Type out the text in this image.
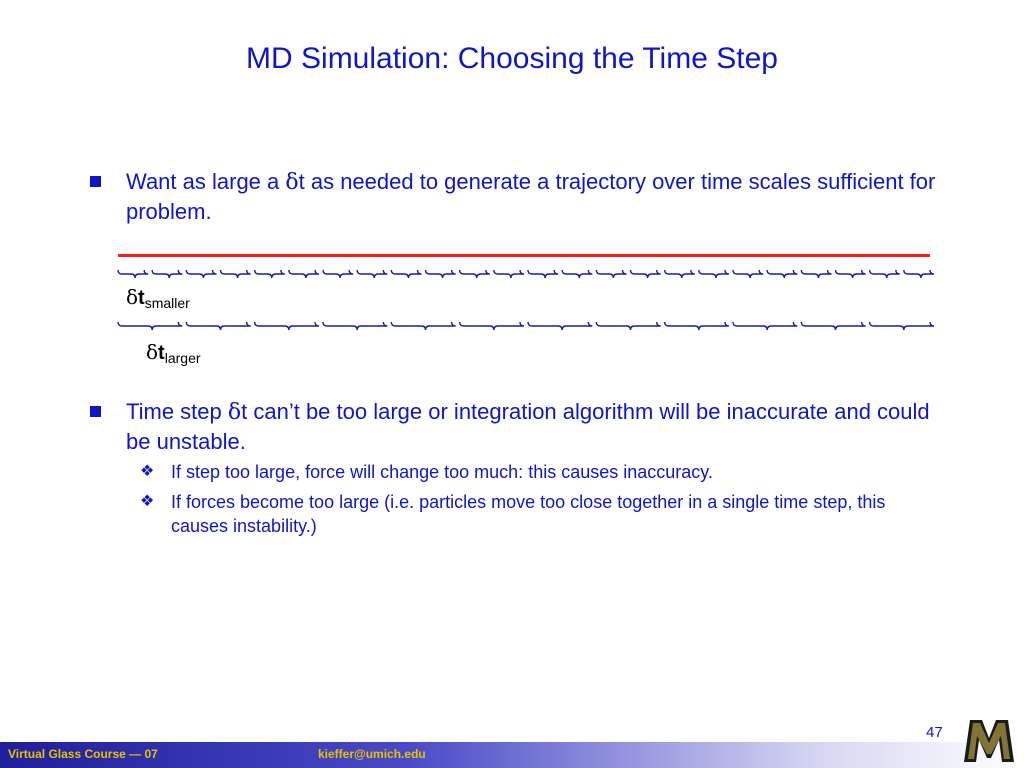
MD Simulation: Choosing the Time Step
Want as large a δt as needed to generate a trajectory over time scales sufficient for problem.
$\delta t_{smaller}$
$\delta t_{larger}$
Time step δt can’t be too large or integration algorithm will be inaccurate and could be unstable.
❖ If step too large, force will change too much: this causes inaccuracy.
❖ If forces become too large (i.e. particles move too close together in a single time step, this causes instability.)
Virtual Glass Course — 07	kieffer@umich.edu
47
